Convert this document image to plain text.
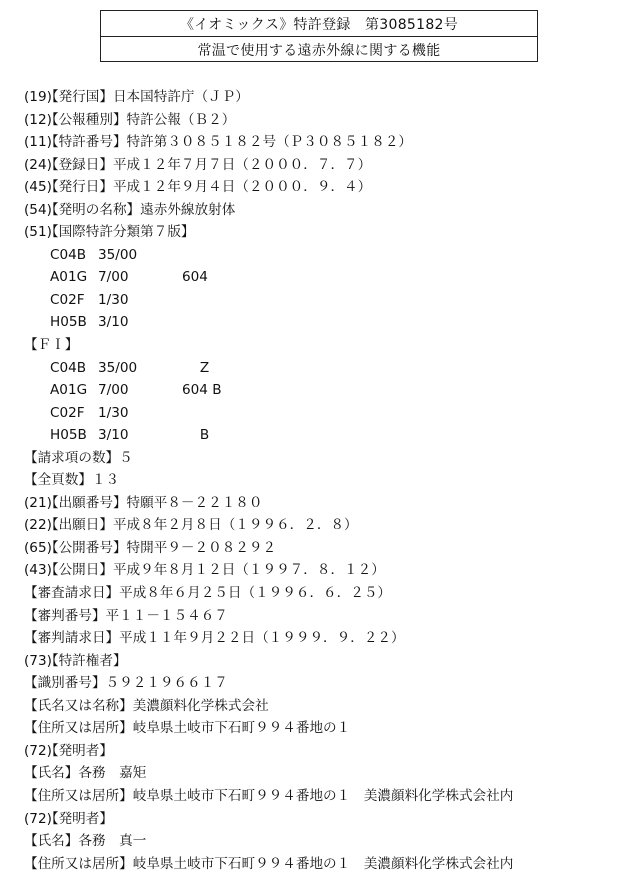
《イオミックス》特許登録　第3085182号
常温で使用する遠赤外線に関する機能
(19)【発行国】日本国特許庁（ＪＰ）
(12)【公報種別】特許公報（Ｂ２）
(11)【特許番号】特許第３０８５１８２号（Ｐ３０８５１８２）
(24)【登録日】平成１２年７月７日（２０００．７．７）
(45)【発行日】平成１２年９月４日（２０００．９．４）
(54)【発明の名称】遠赤外線放射体
(51)【国際特許分類第７版】
C04B 35/00
A01G 7/00	604
C02F 1/30
H05B 3/10
【ＦＩ】
C04B 35/00	　 Z
A01G 7/00	604 B
C02F 1/30
H05B 3/10	　 B
【請求項の数】５
【全頁数】１３
(21)【出願番号】特願平８－２２１８０
(22)【出願日】平成８年２月８日（１９９６．２．８）
(65)【公開番号】特開平９－２０８２９２
(43)【公開日】平成９年８月１２日（１９９７．８．１２）
【審査請求日】平成８年６月２５日（１９９６．６．２５）
【審判番号】平１１－１５４６７
【審判請求日】平成１１年９月２２日（１９９９．９．２２）
(73)【特許権者】
【識別番号】５９２１９６６１７
【氏名又は名称】美濃顔料化学株式会社
【住所又は居所】岐阜県土岐市下石町９９４番地の１
(72)【発明者】
【氏名】各務　嘉矩
【住所又は居所】岐阜県土岐市下石町９９４番地の１　美濃顔料化学株式会社内
(72)【発明者】
【氏名】各務　真一
【住所又は居所】岐阜県土岐市下石町９９４番地の１　美濃顔料化学株式会社内
